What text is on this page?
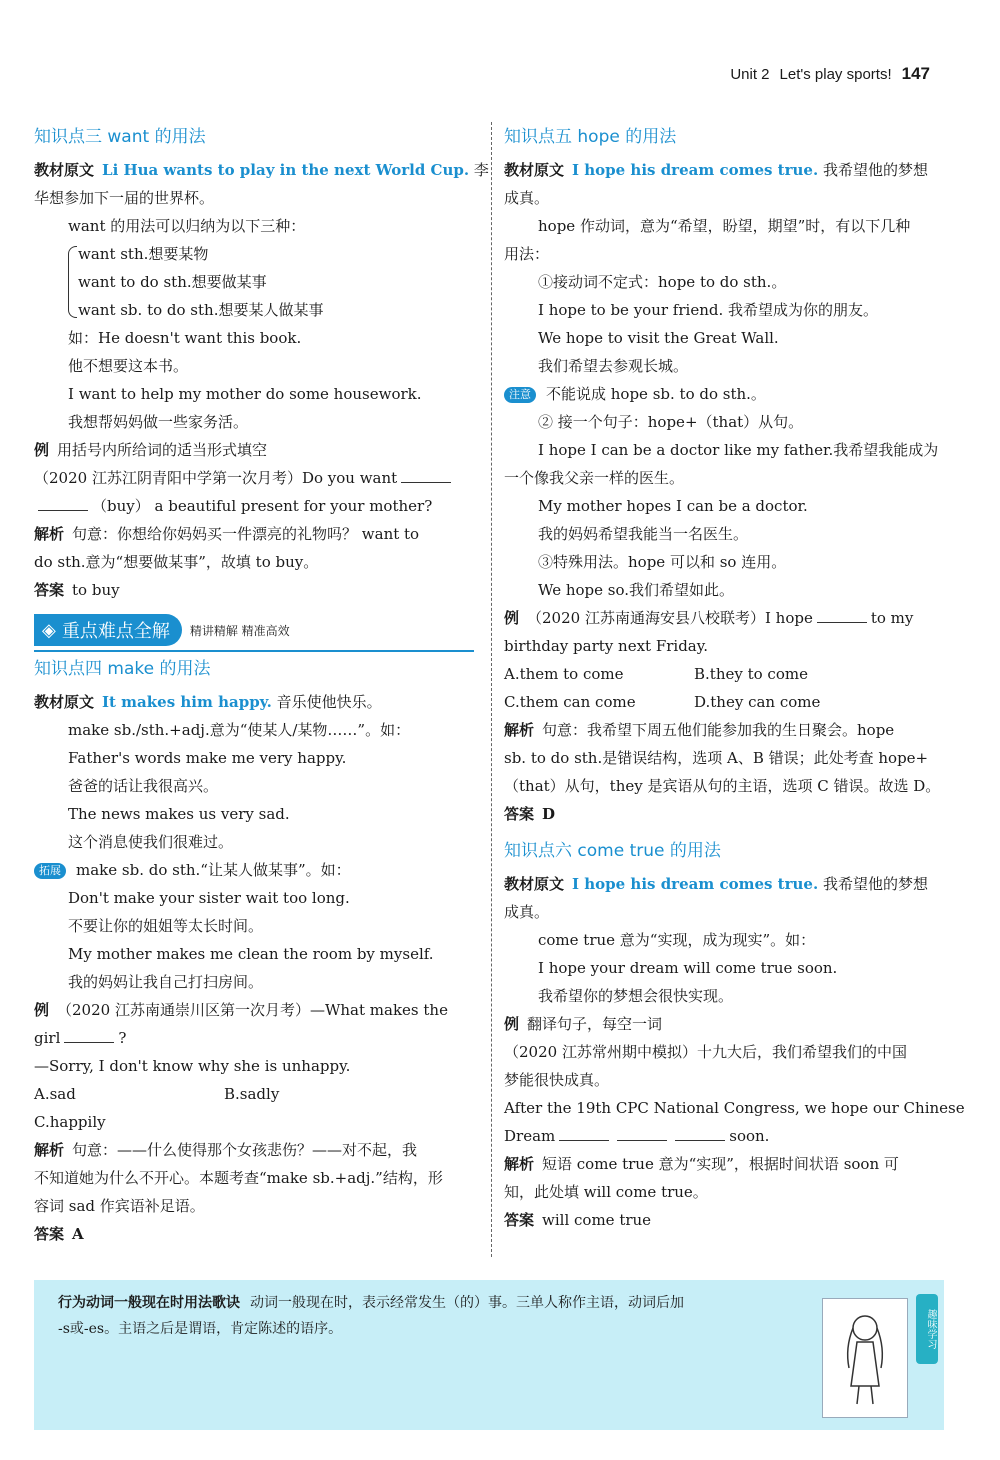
Unit 2 Let's play sports! 147
知识点三 want 的用法
教材原文 Li Hua wants to play in the next World Cup. 李
华想参加下一届的世界杯。
want 的用法可以归纳为以下三种：
want sth.想要某物
want to do sth.想要做某事
want sb. to do sth.想要某人做某事
如：He doesn't want this book.
他不想要这本书。
I want to help my mother do some housework.
我想帮妈妈做一些家务活。
例 用括号内所给词的适当形式填空
（2020 江苏江阴青阳中学第一次月考）Do you want
（buy） a beautiful present for your mother?
解析 句意：你想给你妈妈买一件漂亮的礼物吗？ want to
do sth.意为“想要做某事”，故填 to buy。
答案 to buy
◈ 重点难点全解 精讲精解 精准高效
知识点四 make 的用法
教材原文 It makes him happy. 音乐使他快乐。
make sb./sth.+adj.意为“使某人/某物……”。如：
Father's words make me very happy.
爸爸的话让我很高兴。
The news makes us very sad.
这个消息使我们很难过。
拓展 make sb. do sth.“让某人做某事”。如：
Don't make your sister wait too long.
不要让你的姐姐等太长时间。
My mother makes me clean the room by myself.
我的妈妈让我自己打扫房间。
例 （2020 江苏南通崇川区第一次月考）—What makes the
girl	?
—Sorry, I don't know why she is unhappy.
A.sad	B.sadly
C.happily
解析 句意：——什么使得那个女孩悲伤？——对不起，我
不知道她为什么不开心。本题考查“make sb.+adj.”结构，形
容词 sad 作宾语补足语。
答案 A
知识点五 hope 的用法
教材原文 I hope his dream comes true. 我希望他的梦想
成真。
hope 作动词，意为“希望，盼望，期望”时，有以下几种
用法：
①接动词不定式：hope to do sth.。
I hope to be your friend. 我希望成为你的朋友。
We hope to visit the Great Wall.
我们希望去参观长城。
注意 不能说成 hope sb. to do sth.。
② 接一个句子：hope+（that）从句。
I hope I can be a doctor like my father.我希望我能成为
一个像我父亲一样的医生。
My mother hopes I can be a doctor.
我的妈妈希望我能当一名医生。
③特殊用法。hope 可以和 so 连用。
We hope so.我们希望如此。
例 （2020 江苏南通海安县八校联考）I hope	to my
birthday party next Friday.
A.them to come	B.they to come
C.them can come	D.they can come
解析 句意：我希望下周五他们能参加我的生日聚会。hope
sb. to do sth.是错误结构，选项 A、B 错误；此处考查 hope+
（that）从句，they 是宾语从句的主语，选项 C 错误。故选 D。
答案 D
知识点六 come true 的用法
教材原文 I hope his dream comes true. 我希望他的梦想
成真。
come true 意为“实现，成为现实”。如：
I hope your dream will come true soon.
我希望你的梦想会很快实现。
例 翻译句子，每空一词
（2020 江苏常州期中模拟）十九大后，我们希望我们的中国
梦能很快成真。
After the 19th CPC National Congress, we hope our Chinese
Dream	soon.
解析 短语 come true 意为“实现”，根据时间状语 soon 可
知，此处填 will come true。
答案 will come true
行为动词一般现在时用法歌诀 动词一般现在时，表示经常发生（的）事。三单人称作主语，动词后加
-s或-es。主语之后是谓语，肯定陈述的语序。	趣味学习
